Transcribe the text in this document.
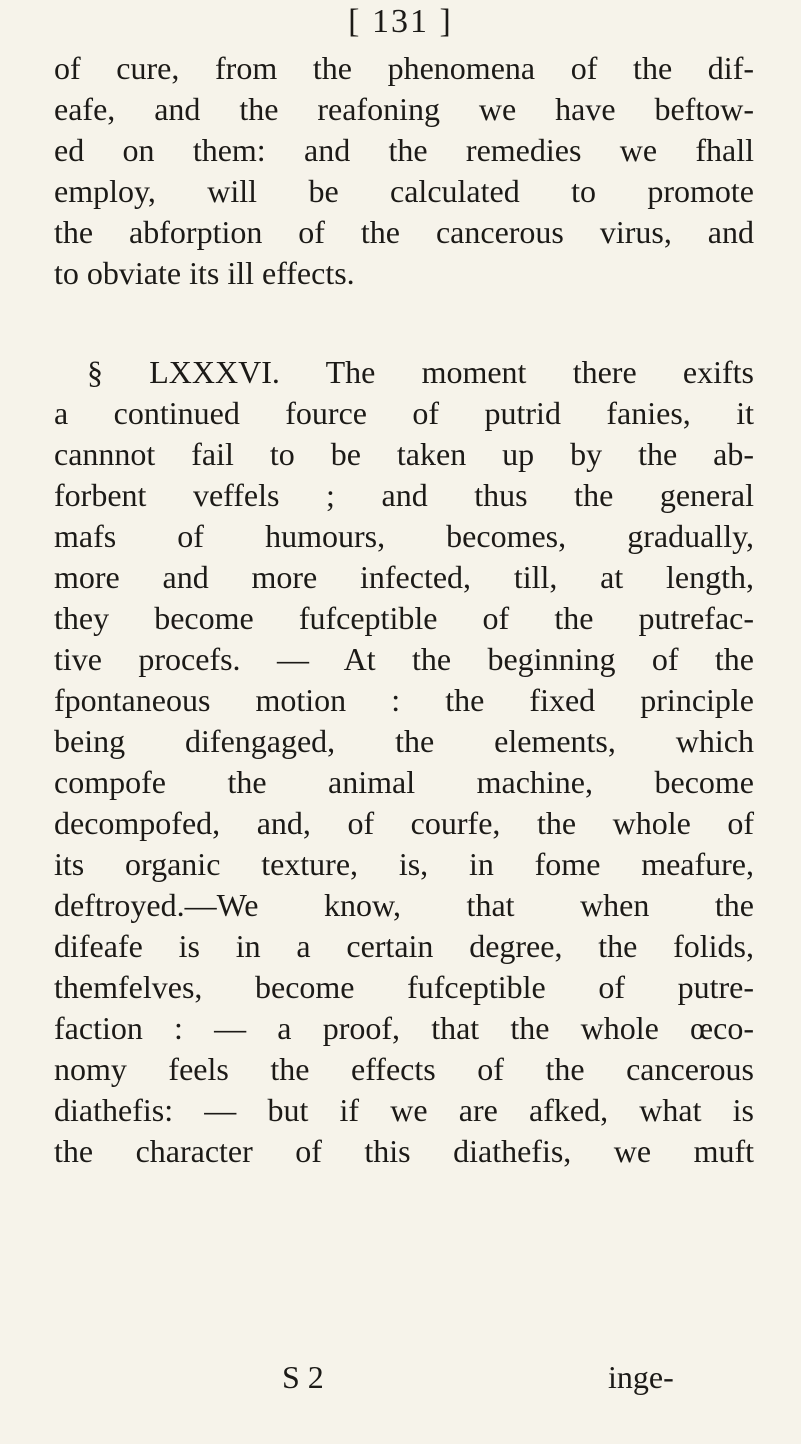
[ 131 ]
of cure, from the phenomena of the dif-
eafe, and the reafoning we have beftow-
ed on them: and the remedies we fhall
employ, will be calculated to promote
the abforption of the cancerous virus, and
to obviate its ill effects.
§ LXXXVI. The moment there exifts
a continued fource of putrid fanies, it
cannnot fail to be taken up by the ab-
forbent veffels ; and thus the general
mafs of humours, becomes, gradually,
more and more infected, till, at length,
they become fufceptible of the putrefac-
tive procefs. — At the beginning of the
fpontaneous motion : the fixed principle
being difengaged, the elements, which
compofe the animal machine, become
decompofed, and, of courfe, the whole of
its organic texture, is, in fome meafure,
deftroyed.—We know, that when the
difeafe is in a certain degree, the folids,
themfelves, become fufceptible of putre-
faction : — a proof, that the whole œco-
nomy feels the effects of the cancerous
diathefis: — but if we are afked, what is
the character of this diathefis, we muft
S 2	inge-
